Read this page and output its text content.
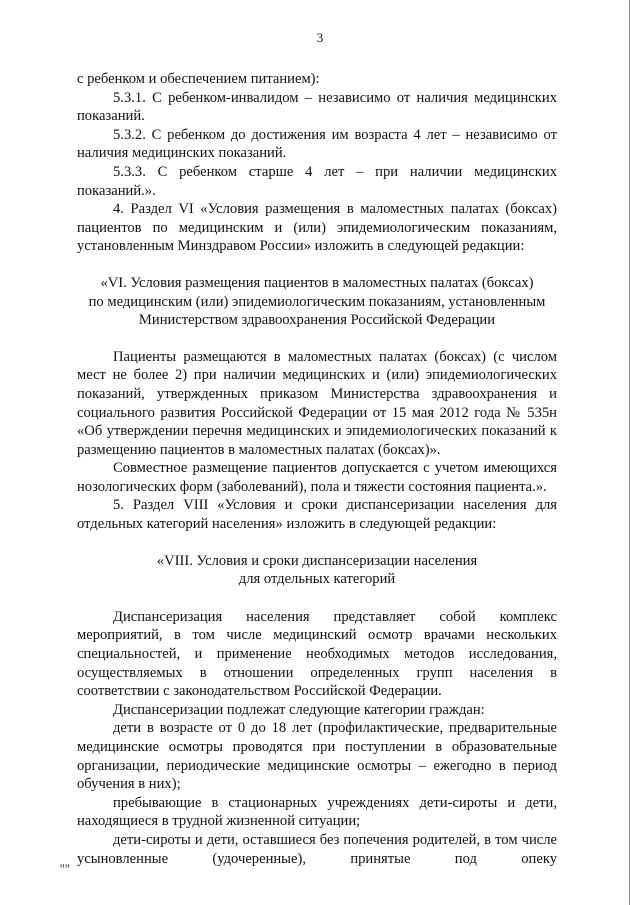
3

с ребенком и обеспечением питанием):

5.3.1. С ребенком-инвалидом – независимо от наличия медицинских показаний.

5.3.2. С ребенком до достижения им возраста 4 лет – независимо от наличия медицинских показаний.

5.3.3. С ребенком старше 4 лет – при наличии медицинских показаний.».

4. Раздел VI «Условия размещения в маломестных палатах (боксах) пациентов по медицинским и (или) эпидемиологическим показаниям, установленным Минздравом России» изложить в следующей редакции:

«VI. Условия размещения пациентов в маломестных палатах (боксах)

по медицинским (или) эпидемиологическим показаниям, установленным

Министерством здравоохранения Российской Федерации

Пациенты размещаются в маломестных палатах (боксах) (с числом мест не более 2) при наличии медицинских и (или) эпидемиологических показаний, утвержденных приказом Министерства здравоохранения и социального развития Российской Федерации от 15 мая 2012 года № 535н «Об утверждении перечня медицинских и эпидемиологических показаний к размещению пациентов в маломестных палатах (боксах)».

Совместное размещение пациентов допускается с учетом имеющихся нозологических форм (заболеваний), пола и тяжести состояния пациента.».

5. Раздел VIII «Условия и сроки диспансеризации населения для отдельных категорий населения» изложить в следующей редакции:

«VIII. Условия и сроки диспансеризации населения

для отдельных категорий

Диспансеризация населения представляет собой комплекс мероприятий, в том числе медицинский осмотр врачами нескольких специальностей, и применение необходимых методов исследования, осуществляемых в отношении определенных групп населения в соответствии с законодательством Российской Федерации.

Диспансеризации подлежат следующие категории граждан:

дети в возрасте от 0 до 18 лет (профилактические, предварительные медицинские осмотры проводятся при поступлении в образовательные организации, периодические медицинские осмотры – ежегодно в период обучения в них);

пребывающие в стационарных учреждениях дети-сироты и дети, находящиеся в трудной жизненной ситуации;

дети-сироты и дети, оставшиеся без попечения родителей, в том числе усыновленные (удочеренные), принятые под опеку

нн
